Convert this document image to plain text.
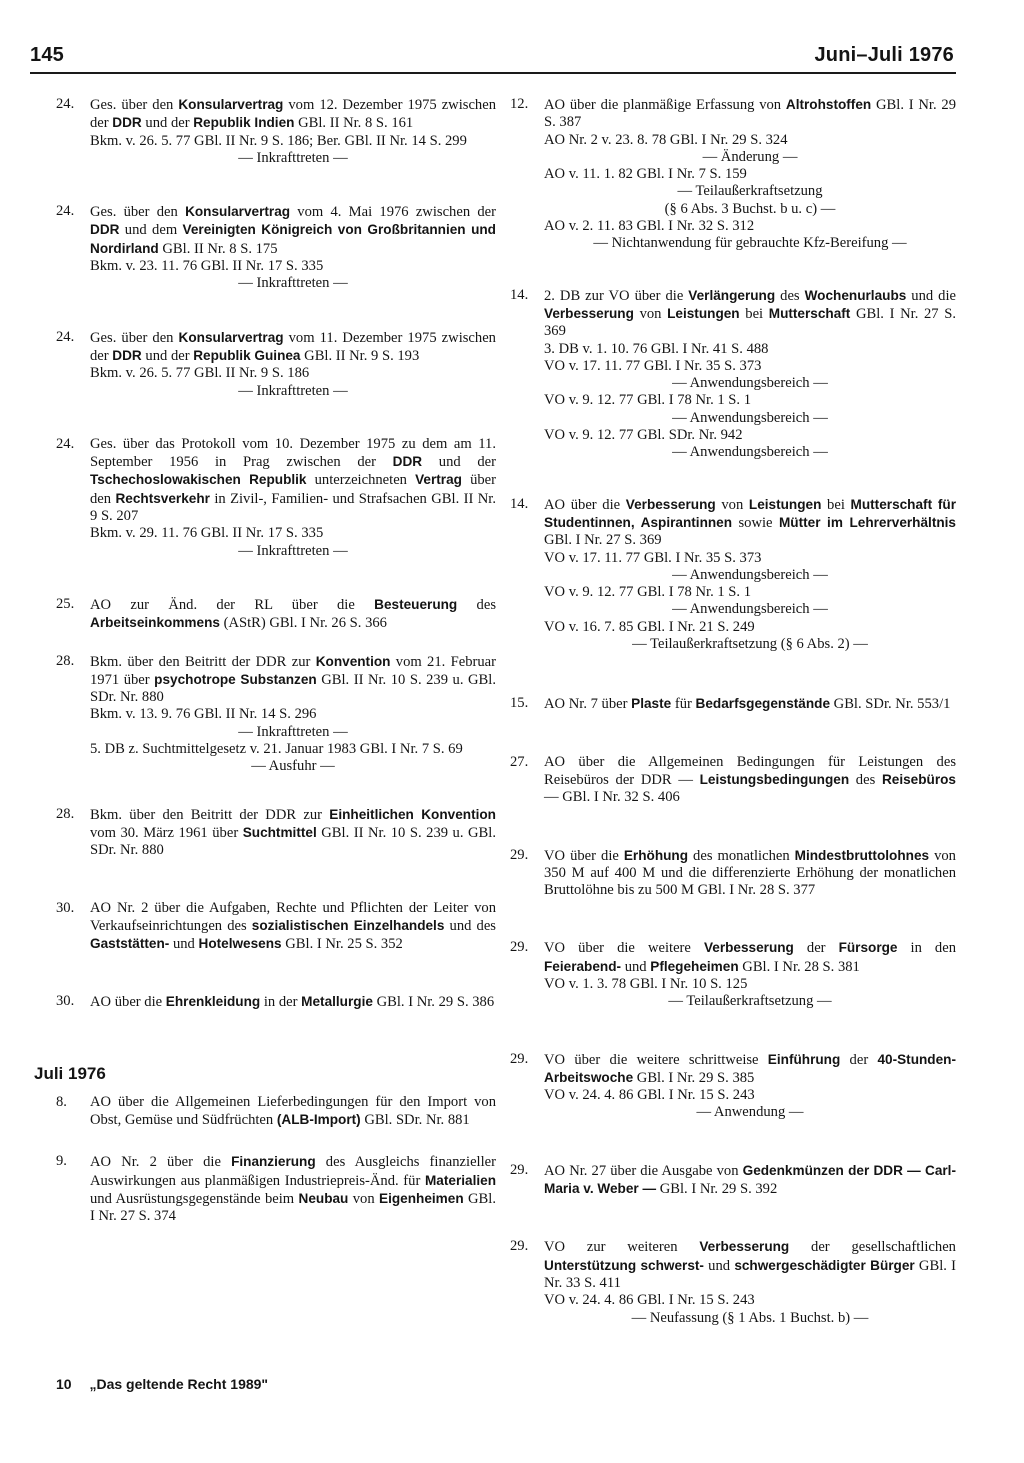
145	Juni–Juli 1976
24.	Ges. über den Konsularvertrag vom 12. Dezember 1975 zwischen der DDR und der Republik Indien GBl. II Nr. 8 S. 161
Bkm. v. 26. 5. 77 GBl. II Nr. 9 S. 186; Ber. GBl. II Nr. 14 S. 299
— Inkrafttreten —
24.	Ges. über den Konsularvertrag vom 4. Mai 1976 zwischen der DDR und dem Vereinigten Königreich von Großbritannien und Nordirland GBl. II Nr. 8 S. 175
Bkm. v. 23. 11. 76 GBl. II Nr. 17 S. 335
— Inkrafttreten —
24.	Ges. über den Konsularvertrag vom 11. Dezember 1975 zwischen der DDR und der Republik Guinea GBl. II Nr. 9 S. 193
Bkm. v. 26. 5. 77 GBl. II Nr. 9 S. 186
— Inkrafttreten —
24.	Ges. über das Protokoll vom 10. Dezember 1975 zu dem am 11. September 1956 in Prag zwischen der DDR und der Tschechoslowakischen Republik unterzeichneten Vertrag über den Rechtsverkehr in Zivil-, Familien- und Strafsachen GBl. II Nr. 9 S. 207
Bkm. v. 29. 11. 76 GBl. II Nr. 17 S. 335
— Inkrafttreten —
25.	AO zur Änd. der RL über die Besteuerung des Arbeitseinkommens (AStR) GBl. I Nr. 26 S. 366
28.	Bkm. über den Beitritt der DDR zur Konvention vom 21. Februar 1971 über psychotrope Substanzen GBl. II Nr. 10 S. 239 u. GBl. SDr. Nr. 880
Bkm. v. 13. 9. 76 GBl. II Nr. 14 S. 296
— Inkrafttreten —
5. DB z. Suchtmittelgesetz v. 21. Januar 1983 GBl. I Nr. 7 S. 69
— Ausfuhr —
28.	Bkm. über den Beitritt der DDR zur Einheitlichen Konvention vom 30. März 1961 über Suchtmittel GBl. II Nr. 10 S. 239 u. GBl. SDr. Nr. 880
30.	AO Nr. 2 über die Aufgaben, Rechte und Pflichten der Leiter von Verkaufseinrichtungen des sozialistischen Einzelhandels und des Gaststätten- und Hotelwesens GBl. I Nr. 25 S. 352
30.	AO über die Ehrenkleidung in der Metallurgie GBl. I Nr. 29 S. 386
Juli 1976
8.	AO über die Allgemeinen Lieferbedingungen für den Import von Obst, Gemüse und Südfrüchten (ALB-Import) GBl. SDr. Nr. 881
9.	AO Nr. 2 über die Finanzierung des Ausgleichs finanzieller Auswirkungen aus planmäßigen Industriepreis-Änd. für Materialien und Ausrüstungsgegenstände beim Neubau von Eigenheimen GBl. I Nr. 27 S. 374
12.	AO über die planmäßige Erfassung von Altrohstoffen GBl. I Nr. 29 S. 387
AO Nr. 2 v. 23. 8. 78 GBl. I Nr. 29 S. 324
— Änderung —
AO v. 11. 1. 82 GBl. I Nr. 7 S. 159
— Teilaußerkraftsetzung
(§ 6 Abs. 3 Buchst. b u. c) —
AO v. 2. 11. 83 GBl. I Nr. 32 S. 312
— Nichtanwendung für gebrauchte Kfz-Bereifung —
14.	2. DB zur VO über die Verlängerung des Wochenurlaubs und die Verbesserung von Leistungen bei Mutterschaft GBl. I Nr. 27 S. 369
3. DB v. 1. 10. 76 GBl. I Nr. 41 S. 488
VO v. 17. 11. 77 GBl. I Nr. 35 S. 373
— Anwendungsbereich —
VO v. 9. 12. 77 GBl. I 78 Nr. 1 S. 1
— Anwendungsbereich —
VO v. 9. 12. 77 GBl. SDr. Nr. 942
— Anwendungsbereich —
14.	AO über die Verbesserung von Leistungen bei Mutterschaft für Studentinnen, Aspirantinnen sowie Mütter im Lehrerverhältnis GBl. I Nr. 27 S. 369
VO v. 17. 11. 77 GBl. I Nr. 35 S. 373
— Anwendungsbereich —
VO v. 9. 12. 77 GBl. I 78 Nr. 1 S. 1
— Anwendungsbereich —
VO v. 16. 7. 85 GBl. I Nr. 21 S. 249
— Teilaußerkraftsetzung (§ 6 Abs. 2) —
15.	AO Nr. 7 über Plaste für Bedarfsgegenstände GBl. SDr. Nr. 553/1
27.	AO über die Allgemeinen Bedingungen für Leistungen des Reisebüros der DDR — Leistungsbedingungen des Reisebüros — GBl. I Nr. 32 S. 406
29.	VO über die Erhöhung des monatlichen Mindestbruttolohnes von 350 M auf 400 M und die differenzierte Erhöhung der monatlichen Bruttolöhne bis zu 500 M GBl. I Nr. 28 S. 377
29.	VO über die weitere Verbesserung der Fürsorge in den Feierabend- und Pflegeheimen GBl. I Nr. 28 S. 381
VO v. 1. 3. 78 GBl. I Nr. 10 S. 125
— Teilaußerkraftsetzung —
29.	VO über die weitere schrittweise Einführung der 40-Stunden-Arbeitswoche GBl. I Nr. 29 S. 385
VO v. 24. 4. 86 GBl. I Nr. 15 S. 243
— Anwendung —
29.	AO Nr. 27 über die Ausgabe von Gedenkmünzen der DDR — Carl-Maria v. Weber — GBl. I Nr. 29 S. 392
29.	VO zur weiteren Verbesserung der gesellschaftlichen Unterstützung schwerst- und schwergeschädigter Bürger GBl. I Nr. 33 S. 411
VO v. 24. 4. 86 GBl. I Nr. 15 S. 243
— Neufassung (§ 1 Abs. 1 Buchst. b) —
10 „Das geltende Recht 1989"
